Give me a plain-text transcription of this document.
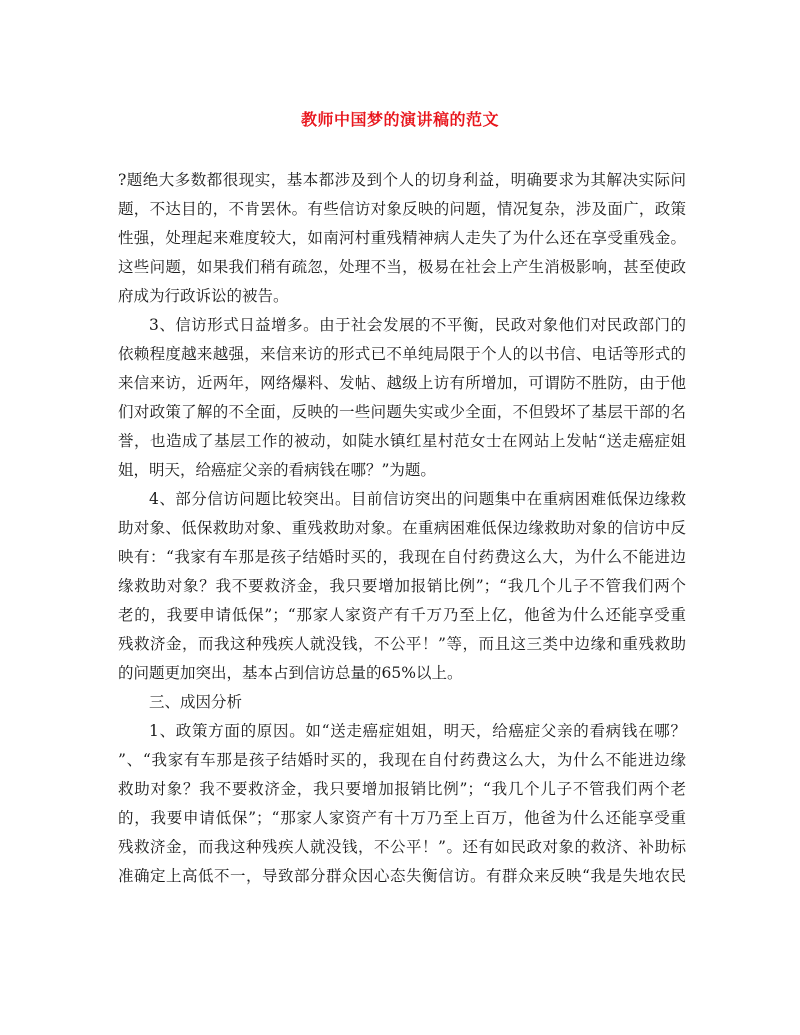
教师中国梦的演讲稿的范文
?题绝大多数都很现实，基本都涉及到个人的切身利益，明确要求为其解决实际问
题，不达目的，不肯罢休。有些信访对象反映的问题，情况复杂，涉及面广，政策
性强，处理起来难度较大，如南河村重残精神病人走失了为什么还在享受重残金。
这些问题，如果我们稍有疏忽，处理不当，极易在社会上产生消极影响，甚至使政
府成为行政诉讼的被告。
3、信访形式日益增多。由于社会发展的不平衡，民政对象他们对民政部门的
依赖程度越来越强，来信来访的形式已不单纯局限于个人的以书信、电话等形式的
来信来访，近两年，网络爆料、发帖、越级上访有所增加，可谓防不胜防，由于他
们对政策了解的不全面，反映的一些问题失实或少全面，不但毁坏了基层干部的名
誉，也造成了基层工作的被动，如陡水镇红星村范女士在网站上发帖“送走癌症姐
姐，明天，给癌症父亲的看病钱在哪？”为题。
4、部分信访问题比较突出。目前信访突出的问题集中在重病困难低保边缘救
助对象、低保救助对象、重残救助对象。在重病困难低保边缘救助对象的信访中反
映有：“我家有车那是孩子结婚时买的，我现在自付药费这么大，为什么不能进边
缘救助对象？我不要救济金，我只要增加报销比例”；“我几个儿子不管我们两个
老的，我要申请低保”；“那家人家资产有千万乃至上亿，他爸为什么还能享受重
残救济金，而我这种残疾人就没钱，不公平！”等，而且这三类中边缘和重残救助
的问题更加突出，基本占到信访总量的65%以上。
三、成因分析
1、政策方面的原因。如“送走癌症姐姐，明天，给癌症父亲的看病钱在哪？
”、“我家有车那是孩子结婚时买的，我现在自付药费这么大，为什么不能进边缘
救助对象？我不要救济金，我只要增加报销比例”；“我几个儿子不管我们两个老
的，我要申请低保”；“那家人家资产有十万乃至上百万，他爸为什么还能享受重
残救济金，而我这种残疾人就没钱，不公平！”。还有如民政对象的救济、补助标
准确定上高低不一，导致部分群众因心态失衡信访。有群众来反映“我是失地农民
